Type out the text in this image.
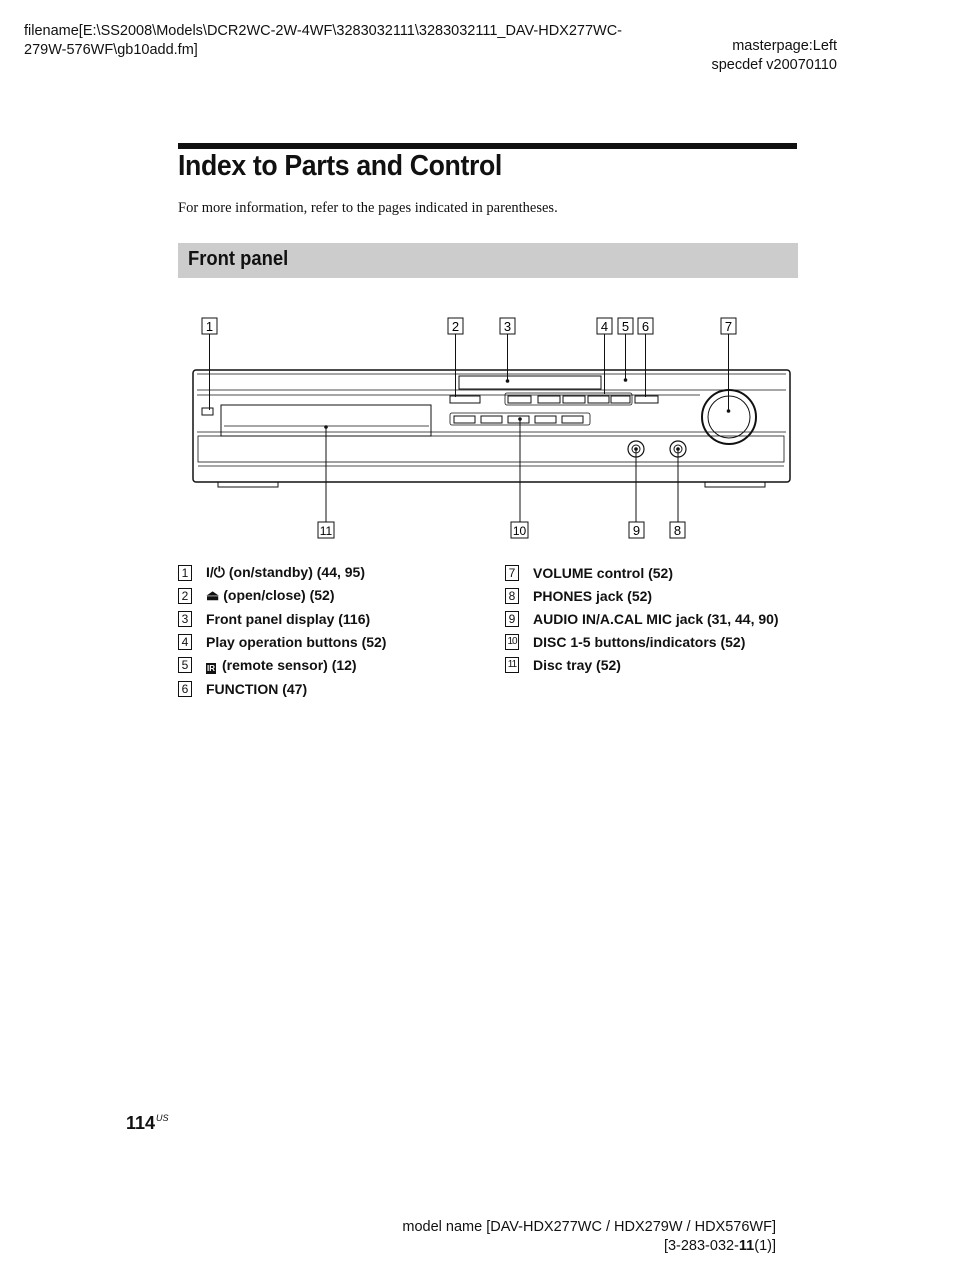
filename[E:\SS2008\Models\DCR2WC-2W-4WF\3283032111\3283032111_DAV-HDX277WC-
279W-576WF\gb10add.fm]	masterpage:Left
specdef v20070110
Index to Parts and Control

For more information, refer to the pages indicated in parentheses.

Front panel
1	2	3	4 5 6	7
11	10	9	8
1 I/⏻ (on/standby) (44, 95)
2 ⏏ (open/close) (52)
3 Front panel display (116)
4 Play operation buttons (52)
5	IR (remote sensor) (12)
6 FUNCTION (47)
7 VOLUME control (52)
8 PHONES jack (52)
9 AUDIO IN/A.CAL MIC jack (31, 44, 90)
10 DISC 1-5 buttons/indicators (52)
11 Disc tray (52)
$114^{US}$
model name [DAV-HDX277WC / HDX279W / HDX576WF]
[3-283-032-11(1)]
